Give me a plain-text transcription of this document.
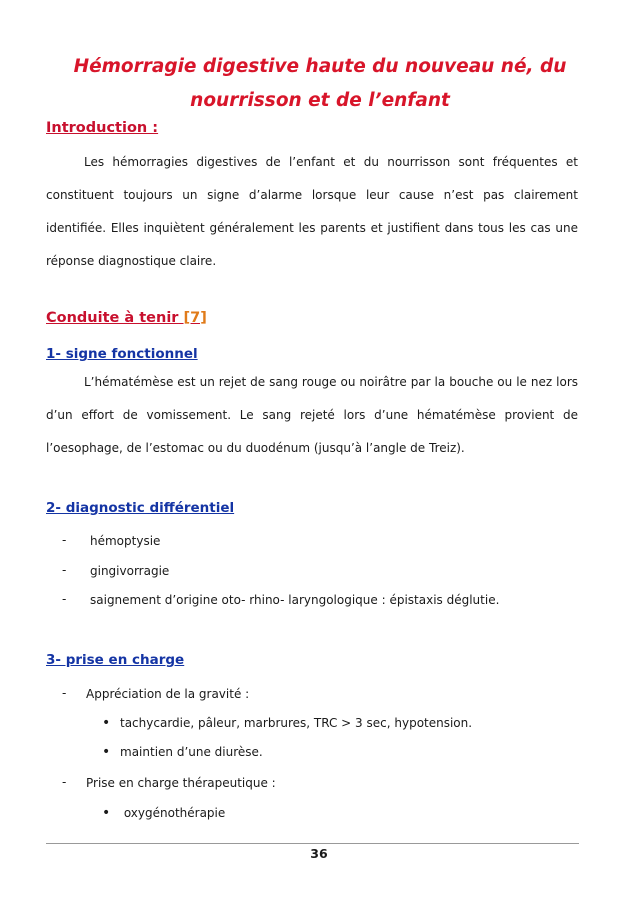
Hémorragie digestive haute du nouveau né, du
nourrisson et de l’enfant
Introduction :
Les hémorragies digestives de l’enfant et du nourrisson sont fréquentes et constituent toujours un signe d’alarme lorsque leur cause n’est pas clairement identifiée. Elles inquiètent généralement les parents et justifient dans tous les cas une réponse diagnostique claire.
Conduite à tenir [7]
1- signe fonctionnel
L’hématémèse est un rejet de sang rouge ou noirâtre par la bouche ou le nez lors d’un effort de vomissement. Le sang rejeté lors d’une hématémèse provient de l’oesophage, de l’estomac ou du duodénum (jusqu’à l’angle de Treiz).
2- diagnostic différentiel
- hémoptysie
- gingivorragie
- saignement d’origine oto- rhino- laryngologique : épistaxis déglutie.
3- prise en charge
- Appréciation de la gravité :
• tachycardie, pâleur, marbrures, TRC > 3 sec, hypotension.
• maintien d’une diurèse.
- Prise en charge thérapeutique :
• oxygénothérapie
36
